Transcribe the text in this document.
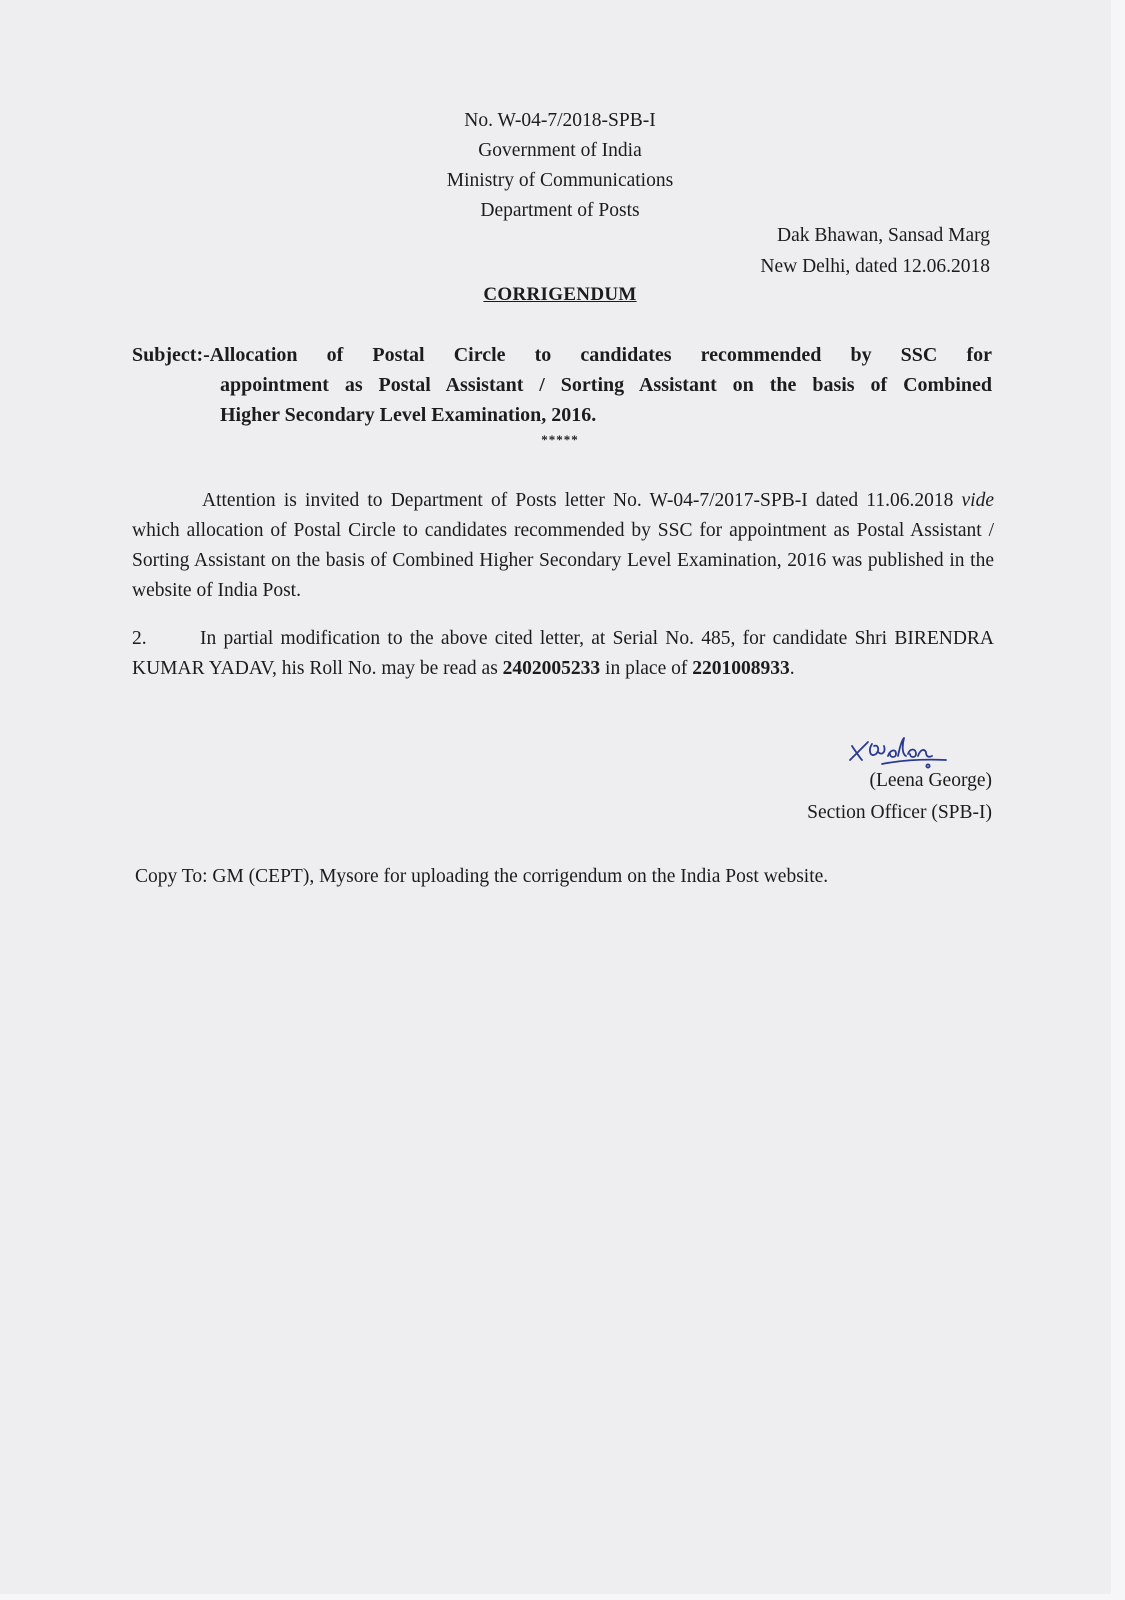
No. W-04-7/2018-SPB-I
Government of India
Ministry of Communications
Department of Posts
Dak Bhawan, Sansad Marg
New Delhi, dated 12.06.2018
CORRIGENDUM
Subject:-Allocation of Postal Circle to candidates recommended by SSC for
appointment as Postal Assistant / Sorting Assistant on the basis of Combined
Higher Secondary Level Examination, 2016.
*****
Attention is invited to Department of Posts letter No. W-04-7/2017-SPB-I dated 11.06.2018 vide which allocation of Postal Circle to candidates recommended by SSC for appointment as Postal Assistant / Sorting Assistant on the basis of Combined Higher Secondary Level Examination, 2016 was published in the website of India Post.
2.	In partial modification to the above cited letter, at Serial No. 485, for candidate Shri BIRENDRA KUMAR YADAV, his Roll No. may be read as 2402005233 in place of 2201008933.
(Leena George)
Section Officer (SPB-I)
Copy To: GM (CEPT), Mysore for uploading the corrigendum on the India Post website.
